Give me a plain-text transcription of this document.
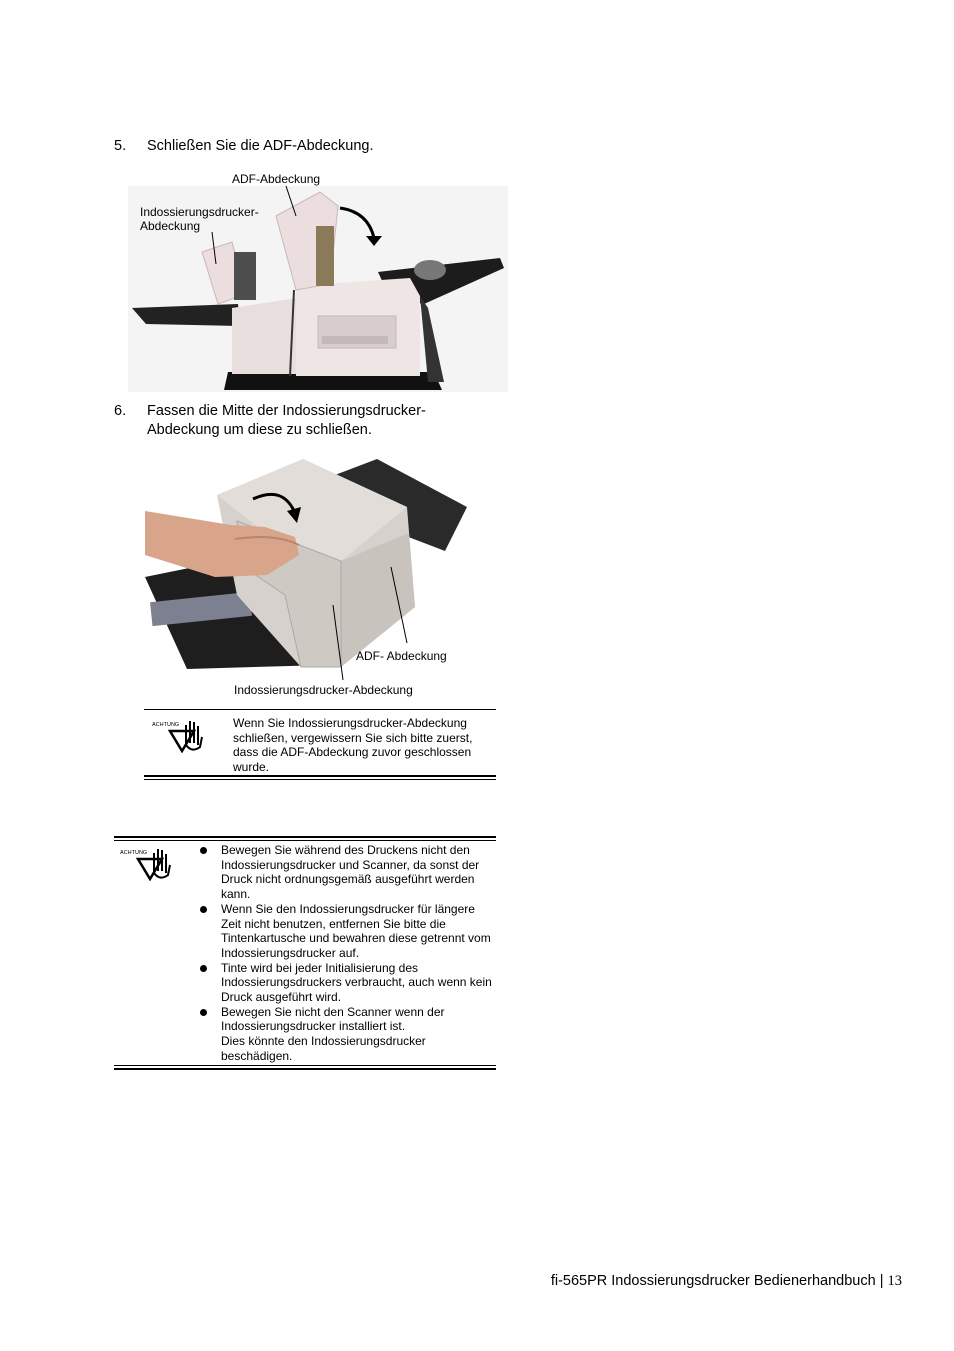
5. Schließen Sie die ADF-Abdeckung.
ADF-Abdeckung
Indossierungsdrucker-
Abdeckung
6. Fassen die Mitte der Indossierungsdrucker-Abdeckung um diese zu schließen.
ADF- Abdeckung
Indossierungsdrucker-Abdeckung
ACHTUNG	Wenn Sie Indossierungsdrucker-Abdeckung schließen, vergewissern Sie sich bitte zuerst, dass die ADF-Abdeckung zuvor geschlossen wurde.
ACHTUNG	Bewegen Sie während des Druckens nicht den Indossierungsdrucker und Scanner, da sonst der Druck nicht ordnungsgemäß ausgeführt werden kann.
Wenn Sie den Indossierungsdrucker für längere Zeit nicht benutzen, entfernen Sie bitte die Tintenkartusche und bewahren diese getrennt vom Indossierungsdrucker auf.
Tinte wird bei jeder Initialisierung des Indossierungsdruckers verbraucht, auch wenn kein Druck ausgeführt wird.
Bewegen Sie nicht den Scanner wenn der Indossierungsdrucker installiert ist.
Dies könnte den Indossierungsdrucker beschädigen.
fi-565PR Indossierungsdrucker Bedienerhandbuch | 13
